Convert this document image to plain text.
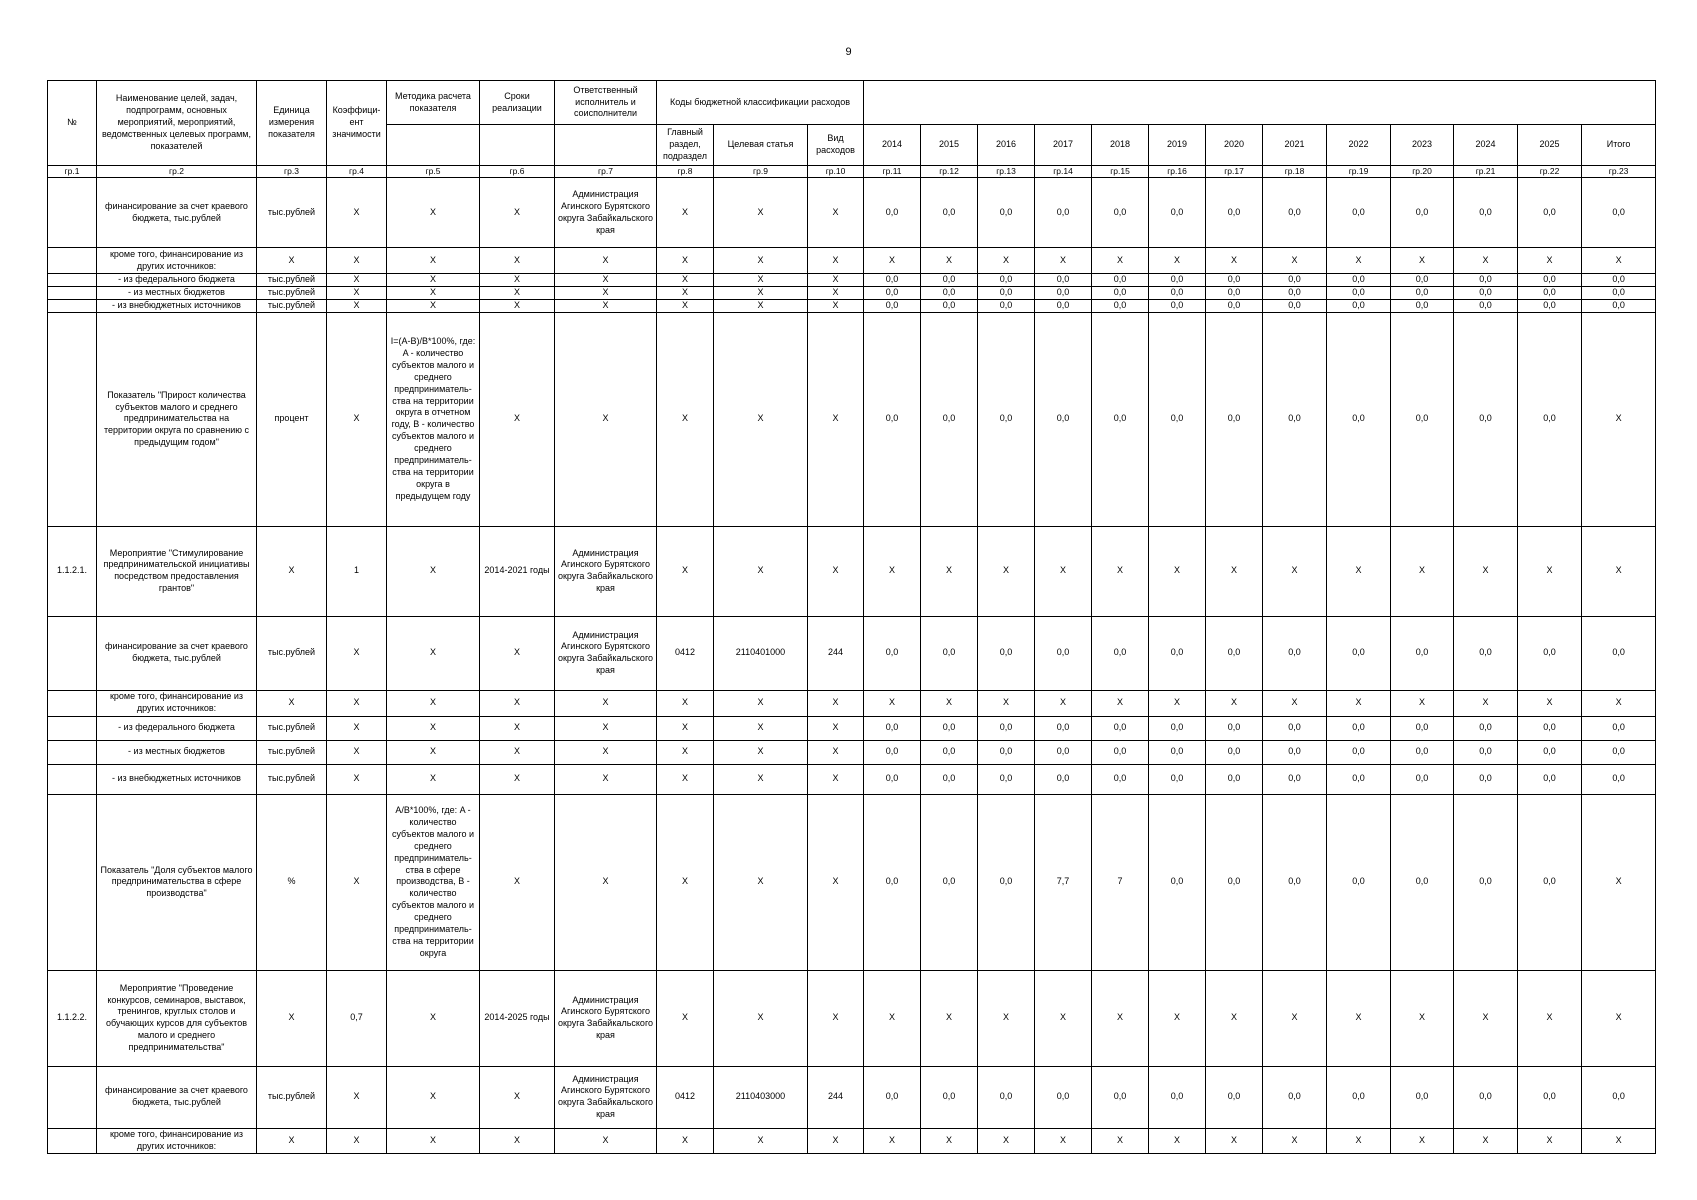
9
№	Наименование целей, задач, подпрограмм, основных мероприятий, мероприятий, ведомственных целевых программ, показателей	Единица измерения показателя	Коэффици-ент значимости	Методика расчета показателя	Сроки реализации	Ответственный исполнитель и соисполнители	Коды бюджетной классификации расходов															
							Главный раздел, подраздел	Целевая статья	Вид расходов	2014	2015	2016	2017	2018	2019	2020	2021	2022	2023	2024	2025	Итого
гр.1	гр.2	гр.3	гр.4	гр.5	гр.6	гр.7	гр.8	гр.9	гр.10	гр.11	гр.12	гр.13	гр.14	гр.15	гр.16	гр.17	гр.18	гр.19	гр.20	гр.21	гр.22	гр.23
	финансирование за счет краевого бюджета, тыс.рублей	тыс.рублей	X	X	X	Администрация Агинского Бурятского округа Забайкальского края	X	X	X	0,0	0,0	0,0	0,0	0,0	0,0	0,0	0,0	0,0	0,0	0,0	0,0	0,0
	кроме того, финансирование из других источников:	X	X	X	X	X	X	X	X	X	X	X	X	X	X	X	X	X	X	X	X	X
	- из федерального бюджета	тыс.рублей	X	X	X	X	X	X	X	0,0	0,0	0,0	0,0	0,0	0,0	0,0	0,0	0,0	0,0	0,0	0,0	0,0
	- из местных бюджетов	тыс.рублей	X	X	X	X	X	X	X	0,0	0,0	0,0	0,0	0,0	0,0	0,0	0,0	0,0	0,0	0,0	0,0	0,0
	- из внебюджетных источников	тыс.рублей	X	X	X	X	X	X	X	0,0	0,0	0,0	0,0	0,0	0,0	0,0	0,0	0,0	0,0	0,0	0,0	0,0
	Показатель "Прирост количества субъектов малого и среднего предпринимательства на территории округа по сравнению с предыдущим годом"	процент	X	I=(A-B)/B*100%, где: A - количество субъектов малого и среднего предприниматель-ства на территории округа в отчетном году, B - количество субъектов малого и среднего предприниматель-ства на территории округа в предыдущем году	X	X	X	X	X	0,0	0,0	0,0	0,0	0,0	0,0	0,0	0,0	0,0	0,0	0,0	0,0	X
1.1.2.1.	Мероприятие "Стимулирование предпринимательской инициативы посредством предоставления грантов"	X	1	X	2014-2021 годы	Администрация Агинского Бурятского округа Забайкальского края	X	X	X	X	X	X	X	X	X	X	X	X	X	X	X	X
	финансирование за счет краевого бюджета, тыс.рублей	тыс.рублей	X	X	X	Администрация Агинского Бурятского округа Забайкальского края	0412	2110401000	244	0,0	0,0	0,0	0,0	0,0	0,0	0,0	0,0	0,0	0,0	0,0	0,0	0,0
	кроме того, финансирование из других источников:	X	X	X	X	X	X	X	X	X	X	X	X	X	X	X	X	X	X	X	X	X
	- из федерального бюджета	тыс.рублей	X	X	X	X	X	X	X	0,0	0,0	0,0	0,0	0,0	0,0	0,0	0,0	0,0	0,0	0,0	0,0	0,0
	- из местных бюджетов	тыс.рублей	X	X	X	X	X	X	X	0,0	0,0	0,0	0,0	0,0	0,0	0,0	0,0	0,0	0,0	0,0	0,0	0,0
	- из внебюджетных источников	тыс.рублей	X	X	X	X	X	X	X	0,0	0,0	0,0	0,0	0,0	0,0	0,0	0,0	0,0	0,0	0,0	0,0	0,0
	Показатель "Доля субъектов малого предпринимательства в сфере производства"	%	X	A/B*100%, где: A - количество субъектов малого и среднего предприниматель-ства в сфере производства, B - количество субъектов малого и среднего предприниматель-ства на территории округа	X	X	X	X	X	0,0	0,0	0,0	7,7	7	0,0	0,0	0,0	0,0	0,0	0,0	0,0	X
1.1.2.2.	Мероприятие "Проведение конкурсов, семинаров, выставок, тренингов, круглых столов и обучающих курсов для субъектов малого и среднего предпринимательства"	X	0,7	X	2014-2025 годы	Администрация Агинского Бурятского округа Забайкальского края	X	X	X	X	X	X	X	X	X	X	X	X	X	X	X	X
	финансирование за счет краевого бюджета, тыс.рублей	тыс.рублей	X	X	X	Администрация Агинского Бурятского округа Забайкальского края	0412	2110403000	244	0,0	0,0	0,0	0,0	0,0	0,0	0,0	0,0	0,0	0,0	0,0	0,0	0,0
	кроме того, финансирование из других источников:	X	X	X	X	X	X	X	X	X	X	X	X	X	X	X	X	X	X	X	X	X
